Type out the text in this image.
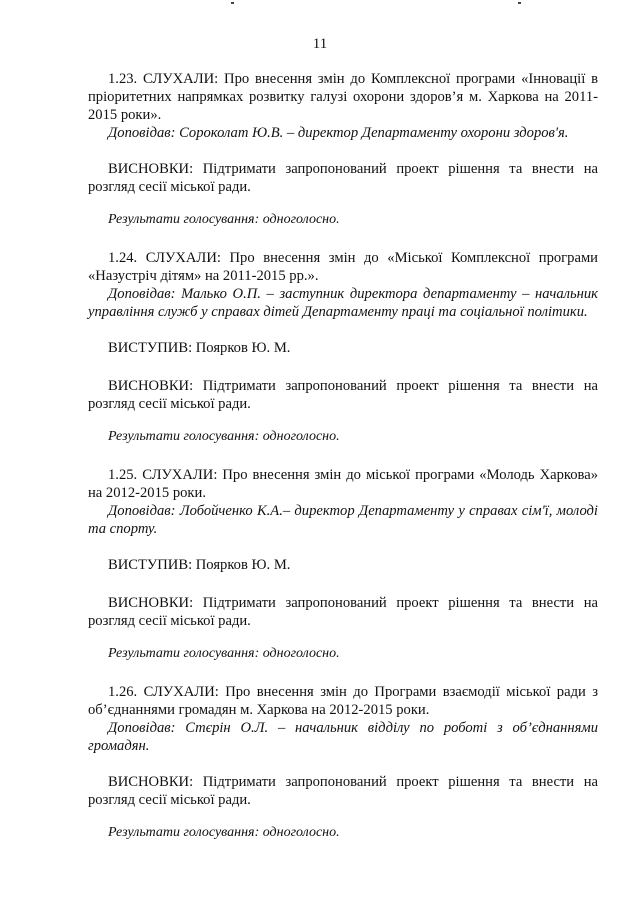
11

1.23. СЛУХАЛИ: Про внесення змін до Комплексної програми «Інновації в пріоритетних напрямках розвитку галузі охорони здоров’я м. Харкова на 2011-2015 роки».

Доповідав: Сороколат Ю.В. – директор Департаменту охорони здоров'я.

ВИСНОВКИ: Підтримати запропонований проект рішення та внести на розгляд сесії міської ради.

Результати голосування: одноголосно.

1.24. СЛУХАЛИ: Про внесення змін до «Міської Комплексної програми «Назустріч дітям» на 2011-2015 рр.».

Доповідав: Малько О.П. – заступник директора департаменту – начальник управління служб у справах дітей Департаменту праці та соціальної політики.

ВИСТУПИВ: Поярков Ю. М.

ВИСНОВКИ: Підтримати запропонований проект рішення та внести на розгляд сесії міської ради.

Результати голосування: одноголосно.

1.25. СЛУХАЛИ: Про внесення змін до міської програми «Молодь Харкова» на 2012-2015 роки.

Доповідав: Лобойченко К.А.– директор Департаменту у справах сім'ї, молоді та спорту.

ВИСТУПИВ: Поярков Ю. М.

ВИСНОВКИ: Підтримати запропонований проект рішення та внести на розгляд сесії міської ради.

Результати голосування: одноголосно.

1.26. СЛУХАЛИ: Про внесення змін до Програми взаємодії міської ради з об’єднаннями громадян м. Харкова на 2012-2015 роки.

Доповідав: Стєрін О.Л. – начальник відділу по роботі з об’єднаннями громадян.

ВИСНОВКИ: Підтримати запропонований проект рішення та внести на розгляд сесії міської ради.

Результати голосування: одноголосно.
